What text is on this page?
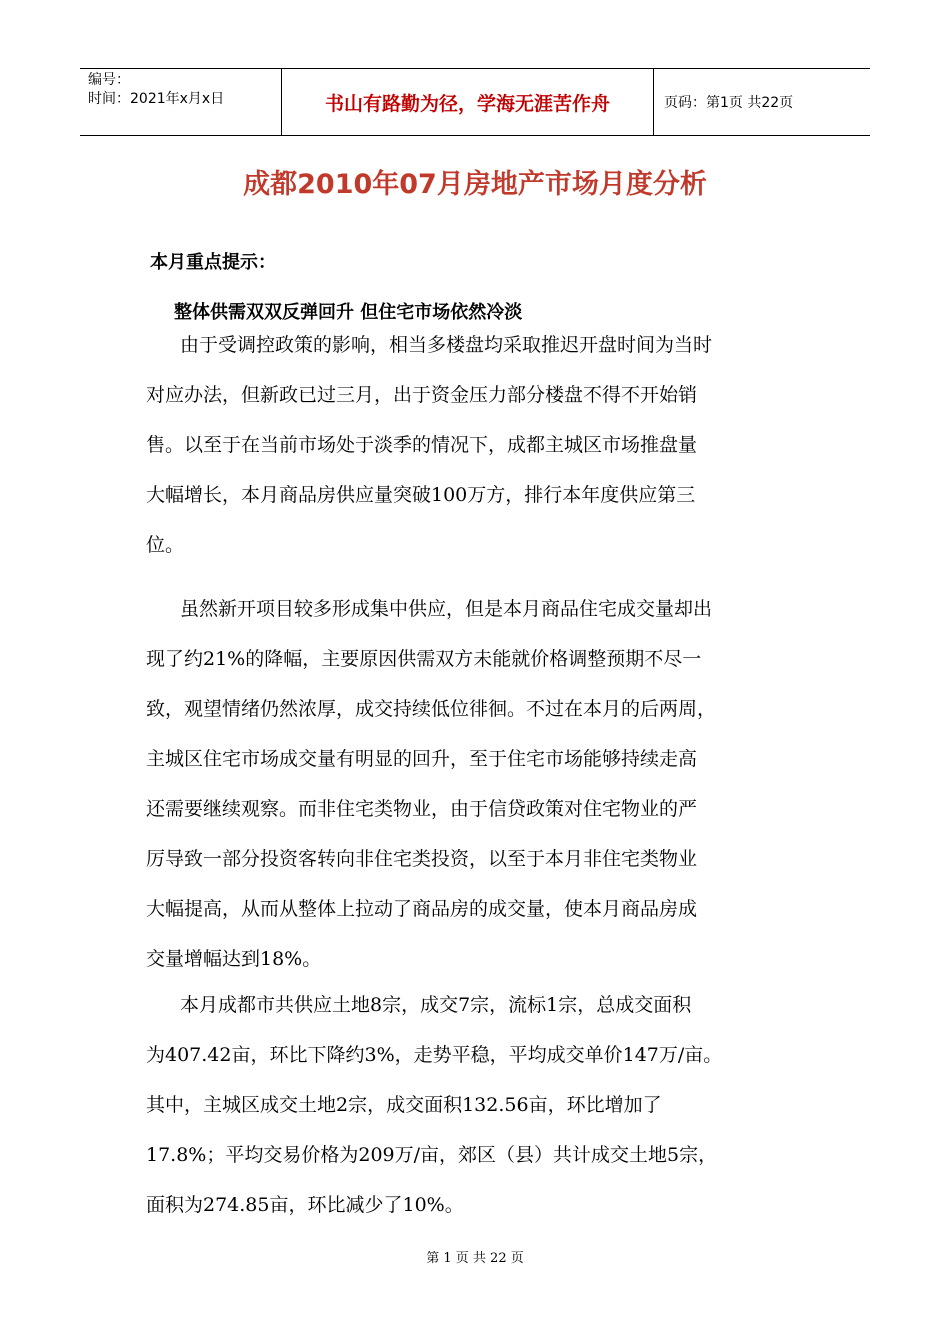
编号：
时间：2021年x月x日	书山有路勤为径，学海无涯苦作舟	页码：第1页 共22页
成都2010年07月房地产市场月度分析
本月重点提示：
整体供需双双反弹回升 但住宅市场依然冷淡
由于受调控政策的影响，相当多楼盘均采取推迟开盘时间为当时
对应办法，但新政已过三月，出于资金压力部分楼盘不得不开始销
售。以至于在当前市场处于淡季的情况下，成都主城区市场推盘量
大幅增长，本月商品房供应量突破100万方，排行本年度供应第三
位。
虽然新开项目较多形成集中供应，但是本月商品住宅成交量却出
现了约21%的降幅，主要原因供需双方未能就价格调整预期不尽一
致，观望情绪仍然浓厚，成交持续低位徘徊。不过在本月的后两周，
主城区住宅市场成交量有明显的回升，至于住宅市场能够持续走高
还需要继续观察。而非住宅类物业，由于信贷政策对住宅物业的严
厉导致一部分投资客转向非住宅类投资，以至于本月非住宅类物业
大幅提高，从而从整体上拉动了商品房的成交量，使本月商品房成
交量增幅达到18%。
本月成都市共供应土地8宗，成交7宗，流标1宗，总成交面积
为407.42亩，环比下降约3%，走势平稳，平均成交单价147万/亩。
其中，主城区成交土地2宗，成交面积132.56亩，环比增加了
17.8%；平均交易价格为209万/亩，郊区（县）共计成交土地5宗，
面积为274.85亩，环比减少了10%。
第 1 页 共 22 页
